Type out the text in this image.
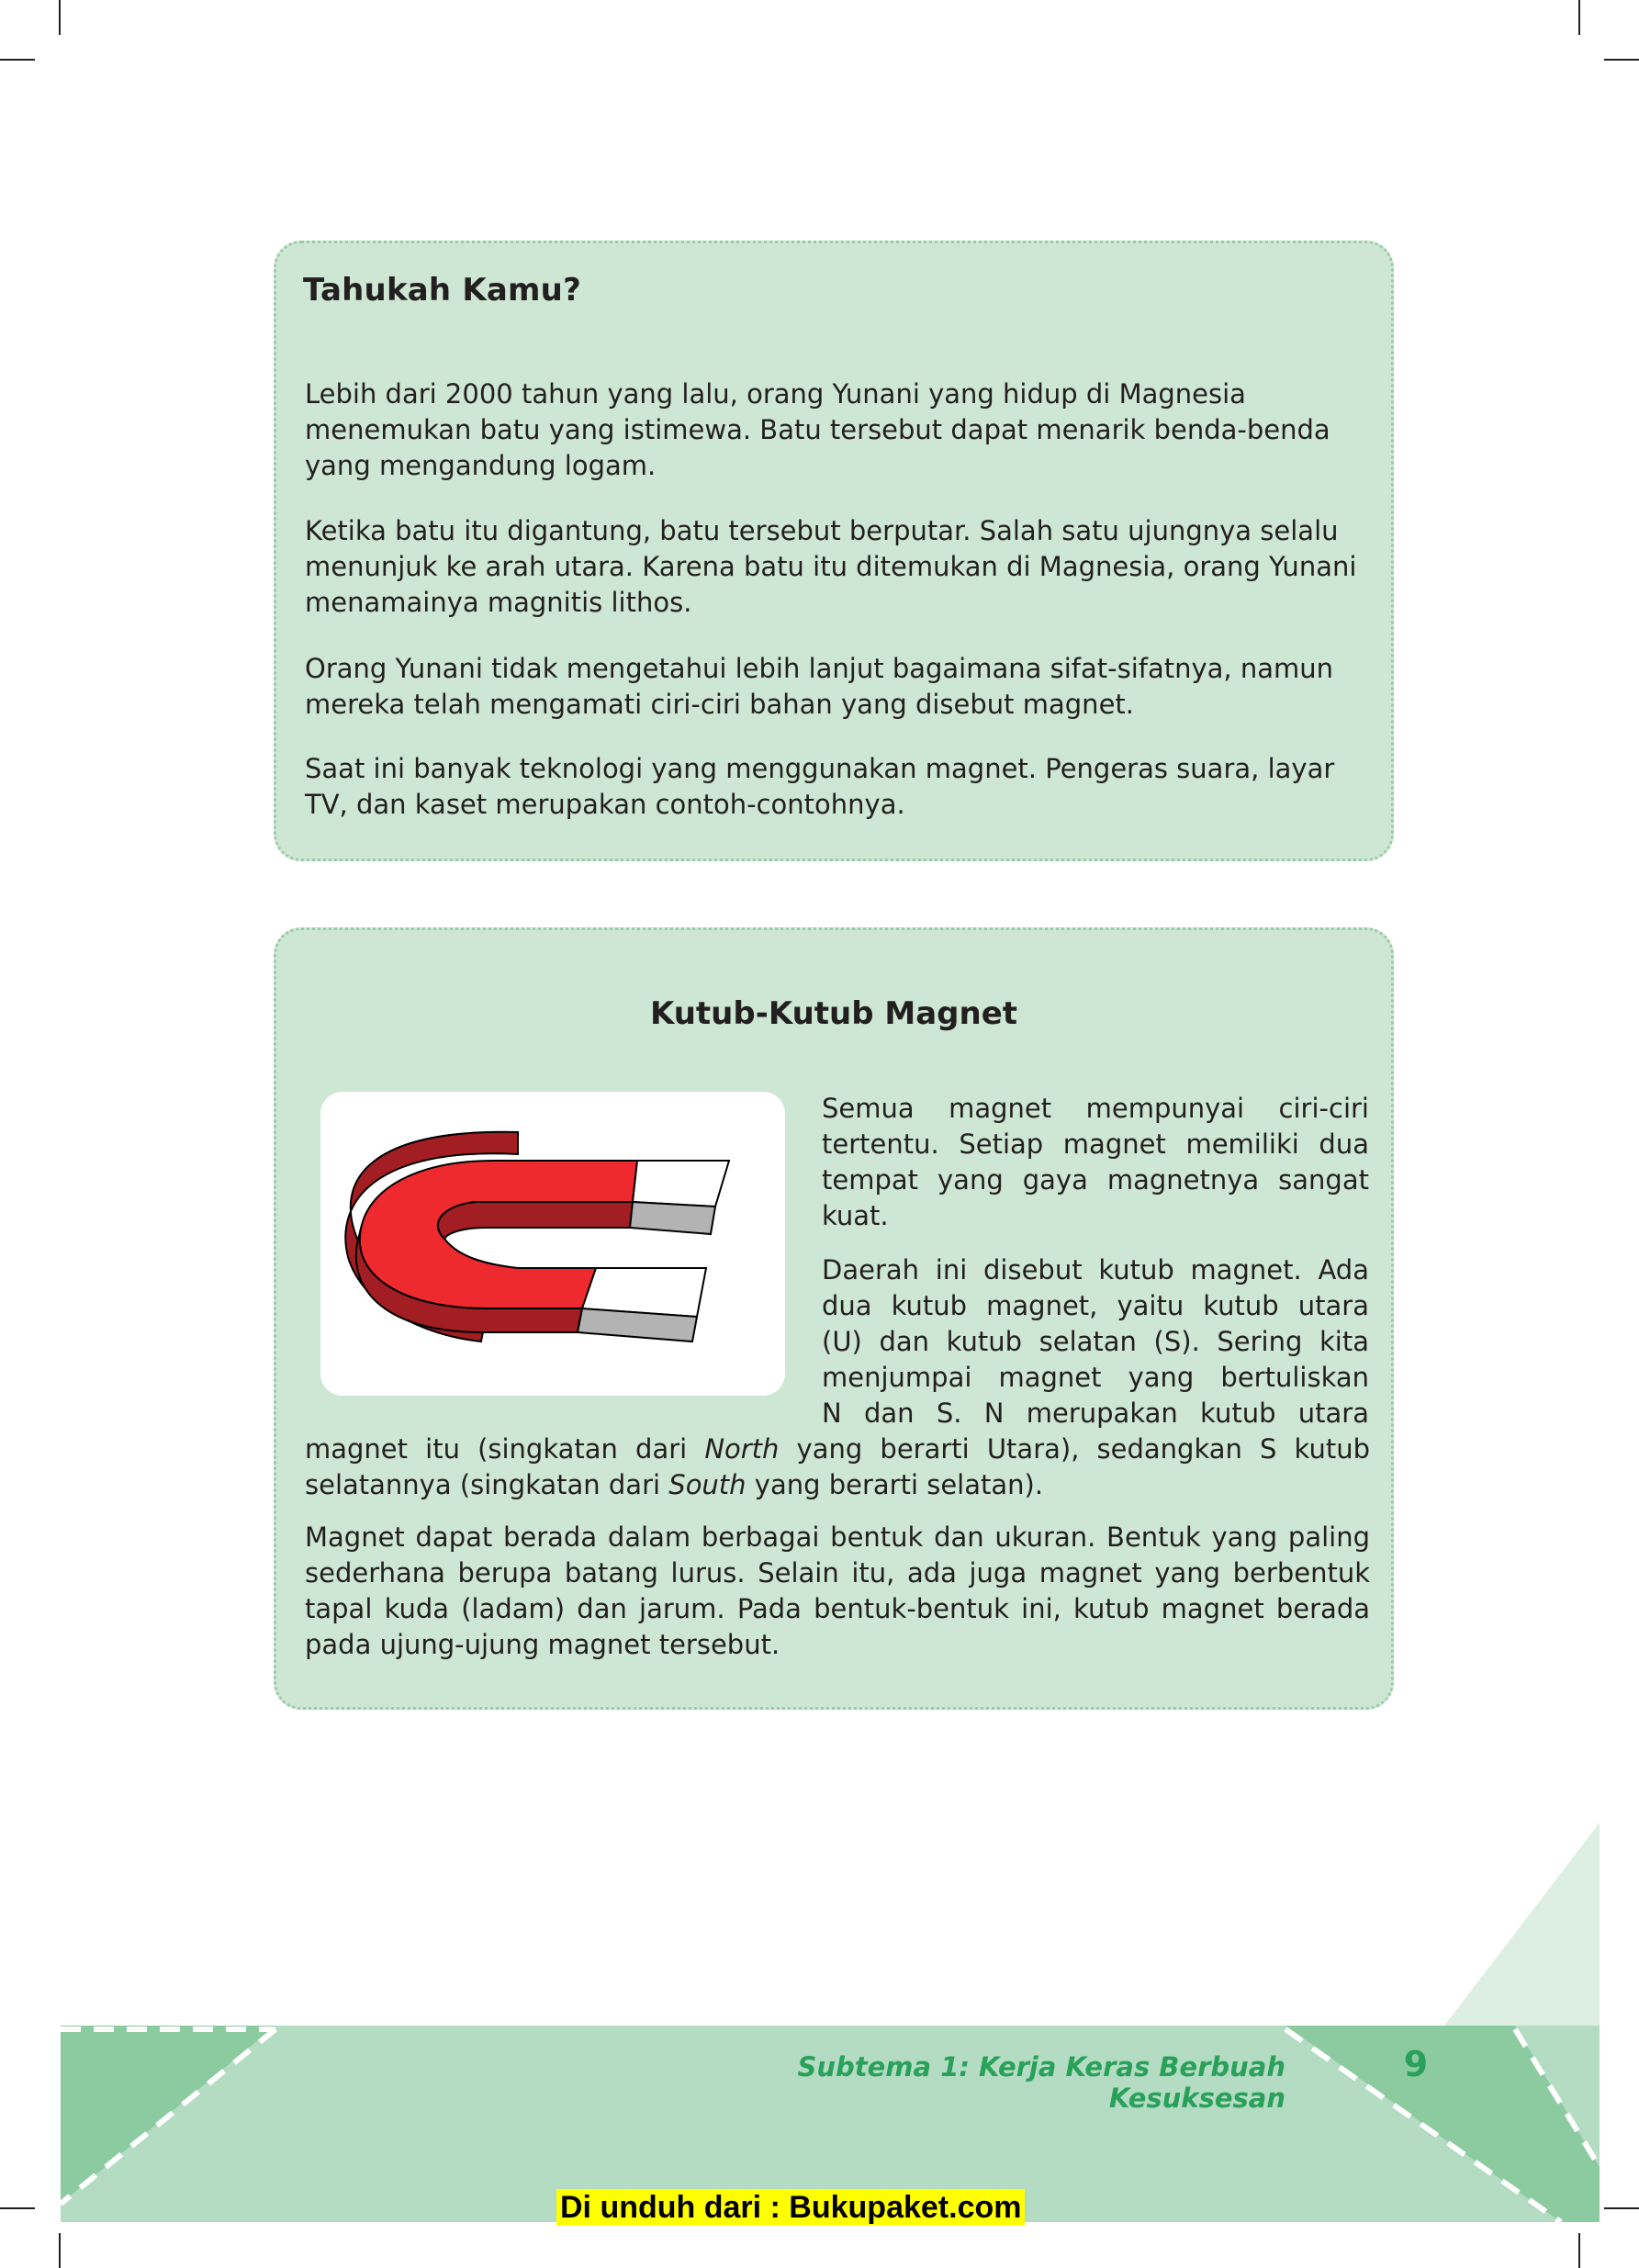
Tahukah Kamu?

Lebih dari 2000 tahun yang lalu, orang Yunani yang hidup di Magnesia menemukan batu yang istimewa. Batu tersebut dapat menarik benda-benda yang mengandung logam.

Ketika batu itu digantung, batu tersebut berputar. Salah satu ujungnya selalu menunjuk ke arah utara. Karena batu itu ditemukan di Magnesia, orang Yunani menamainya magnitis lithos.

Orang Yunani tidak mengetahui lebih lanjut bagaimana sifat-sifatnya, namun mereka telah mengamati ciri-ciri bahan yang disebut magnet.

Saat ini banyak teknologi yang menggunakan magnet. Pengeras suara, layar TV, dan kaset merupakan contoh-contohnya.

Kutub-Kutub Magnet

Semua magnet mempunyai ciri-ciri tertentu. Setiap magnet memiliki dua tempat yang gaya magnetnya sangat kuat.

Daerah ini disebut kutub magnet. Ada
dua kutub magnet, yaitu kutub utara
(U) dan kutub selatan (S). Sering kita
menjumpai magnet yang bertuliskan
N dan S. N merupakan kutub utara

magnet itu (singkatan dari North yang berarti Utara), sedangkan S kutub selatannya (singkatan dari South yang berarti selatan).

Magnet dapat berada dalam berbagai bentuk dan ukuran. Bentuk yang paling sederhana berupa batang lurus. Selain itu, ada juga magnet yang berbentuk tapal kuda (ladam) dan jarum. Pada bentuk-bentuk ini, kutub magnet berada pada ujung-ujung magnet tersebut.

Subtema 1: Kerja Keras Berbuah Kesuksesan
9
Di unduh dari : Bukupaket.com
